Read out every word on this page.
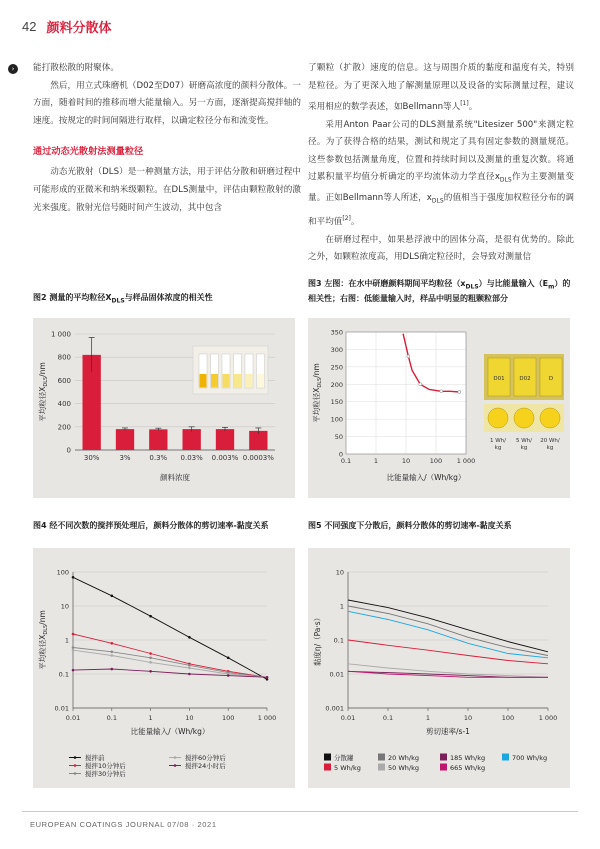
42 颜料分散体

›	能打散松散的附聚体。

然后，用立式珠磨机（D02至D07）研磨高浓度的颜料分散体。一方面，随着时间的推移而增大能量输入。另一方面，逐渐提高搅拌轴的速度。按规定的时间间隔进行取样，以确定粒径分布和流变性。

通过动态光散射法测量粒径

动态光散射（DLS）是一种测量方法，用于评估分散和研磨过程中可能形成的亚微米和纳米级颗粒。在DLS测量中，评估由颗粒散射的激光来强度。散射光信号随时间产生波动，其中包含

了颗粒（扩散）速度的信息。这与周围介质的黏度和温度有关，特别是粒径。为了更深入地了解测量原理以及设备的实际测量过程，建议采用相应的数学表述，如Bellmann等人[1]。

采用Anton Paar公司的DLS测量系统"Litesizer 500"来测定粒径。为了获得合格的结果，测试和规定了具有固定参数的测量规范。这些参数包括测量角度，位置和持续时间以及测量的重复次数。将通过累积量平均值分析确定的平均流体动力学直径$x_{DLS}$作为主要测量变量。正如Bellmann等人所述，$x_{DLS}$的值相当于强度加权粒径分布的调和平均值[2]。

在研磨过程中，如果悬浮液中的固体分高，是很有优势的。除此之外，如颗粒浓度高，用DLS确定粒径时，会导致对测量信

图2 测量的平均粒径$X_{DLS}$与样品固体浓度的相关性
0
200
400
600
800
1 000
30%	3%	0.3% 0.03% 0.003% 0.0003%
平均粒径$X_{DLS}/nm$
颜料浓度
图3 左图：在水中研磨颜料期间平均粒径$(x_{DLS})$与比能量输入$(E_m)$的相关性；右图：低能量输入时，样品中明显的粗颗粒部分
0
50
100
150
200
250
300
350
0.1	1	10	100 1 000
平均粒径$X_{DLS}/nm$
比能量输入/（Wh/kg）
D01	D02	D
1 Wh/
kg
5 Wh/
kg
20 Wh/
kg
图4 经不同次数的搅拌预处理后，颜料分散体的剪切速率-黏度关系
0.01
0.1
1
10
100
0.01	0.1	1	10	100	1 000
平均粒径$X_{DLS}/nm$
比能量输入/（Wh/kg）
搅拌前
搅拌10分钟后
搅拌30分钟后
搅拌60分钟后
搅拌24小时后
图5 不同强度下分散后，颜料分散体的剪切速率-黏度关系
0.001
0.01
0.1
1
10
0.01	0.1	1	10	100	1 000
黏度η/（Pa·s）
剪切速率/s-1
分散罐
5 Wh/kg
20 Wh/kg
50 Wh/kg
185 Wh/kg
665 Wh/kg
700 Wh/kg
EUROPEAN COATINGS JOURNAL 07/08 · 2021
